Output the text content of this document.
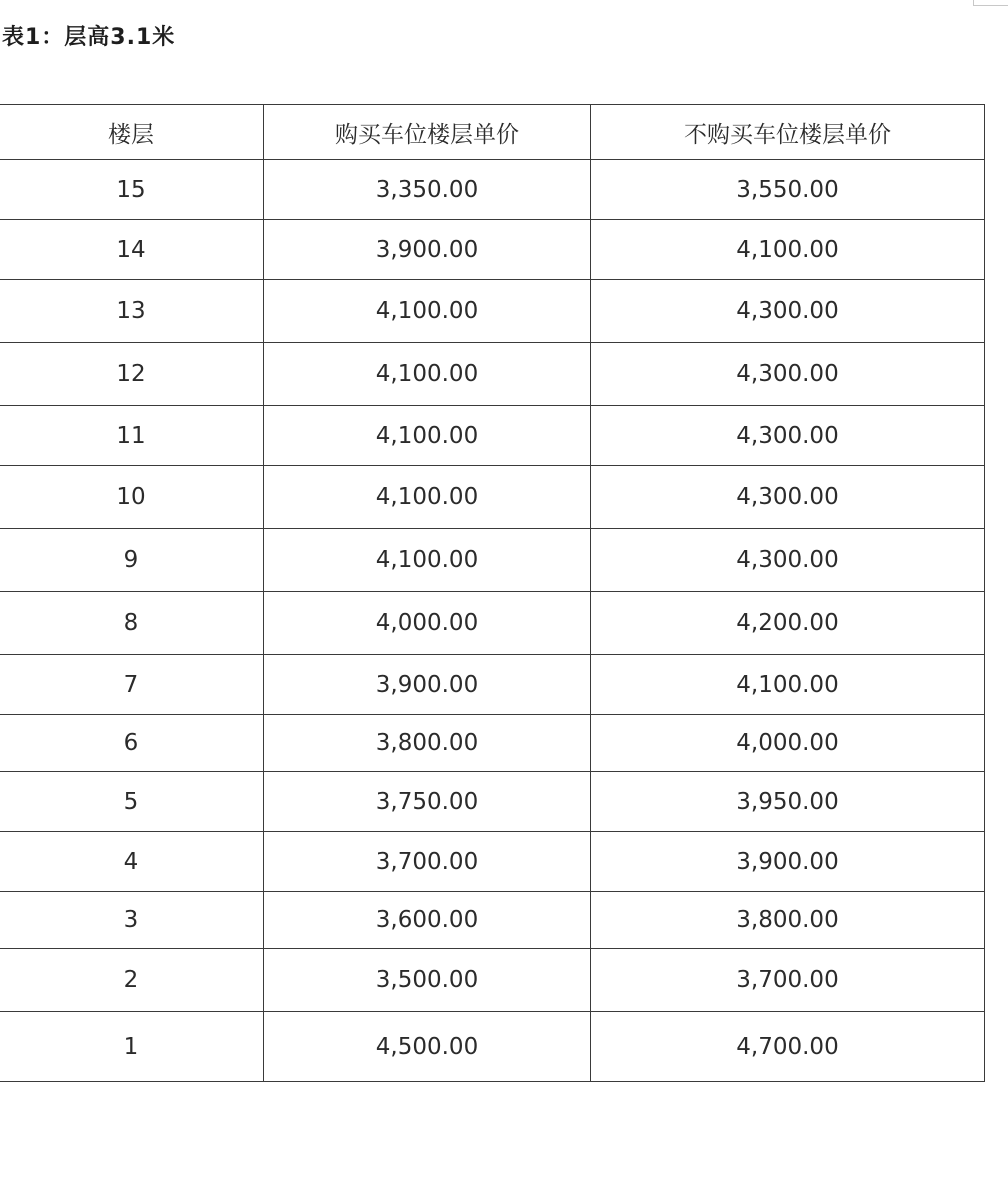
表1：层高3.1米
楼层	购买车位楼层单价	不购买车位楼层单价
15	3,350.00	3,550.00
14	3,900.00	4,100.00
13	4,100.00	4,300.00
12	4,100.00	4,300.00
11	4,100.00	4,300.00
10	4,100.00	4,300.00
9	4,100.00	4,300.00
8	4,000.00	4,200.00
7	3,900.00	4,100.00
6	3,800.00	4,000.00
5	3,750.00	3,950.00
4	3,700.00	3,900.00
3	3,600.00	3,800.00
2	3,500.00	3,700.00
1	4,500.00	4,700.00
